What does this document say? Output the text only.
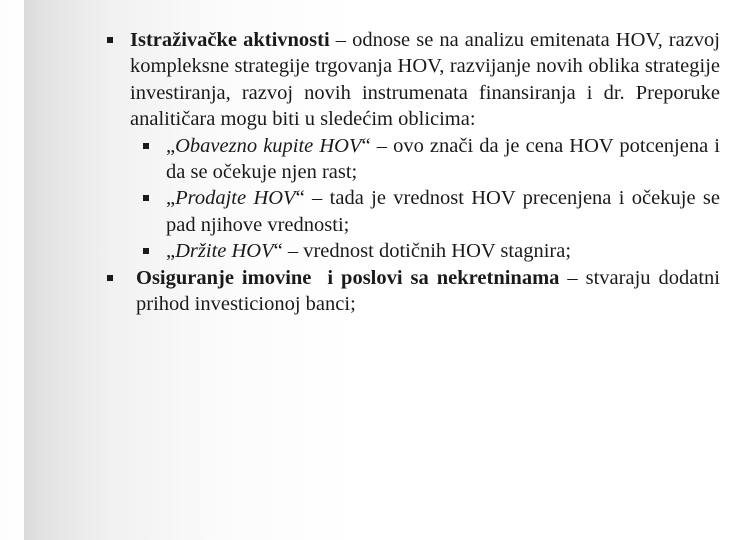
Istraživačke aktivnosti – odnose se na analizu emitenata HOV, razvoj kompleksne strategije trgovanja HOV, razvijanje novih oblika strategije investiranja, razvoj novih instrumenata finansiranja i dr. Preporuke analitičara mogu biti u sledećim oblicima:
„Obavezno kupite HOV“ – ovo znači da je cena HOV potcenjena i da se očekuje njen rast;
„Prodajte HOV“ – tada je vrednost HOV precenjena i očekuje se pad njihove vrednosti;
„Držite HOV“ – vrednost dotičnih HOV stagnira;
Osiguranje imovine  i poslovi sa nekretninama – stvaraju dodatni prihod investicionoj banci;
